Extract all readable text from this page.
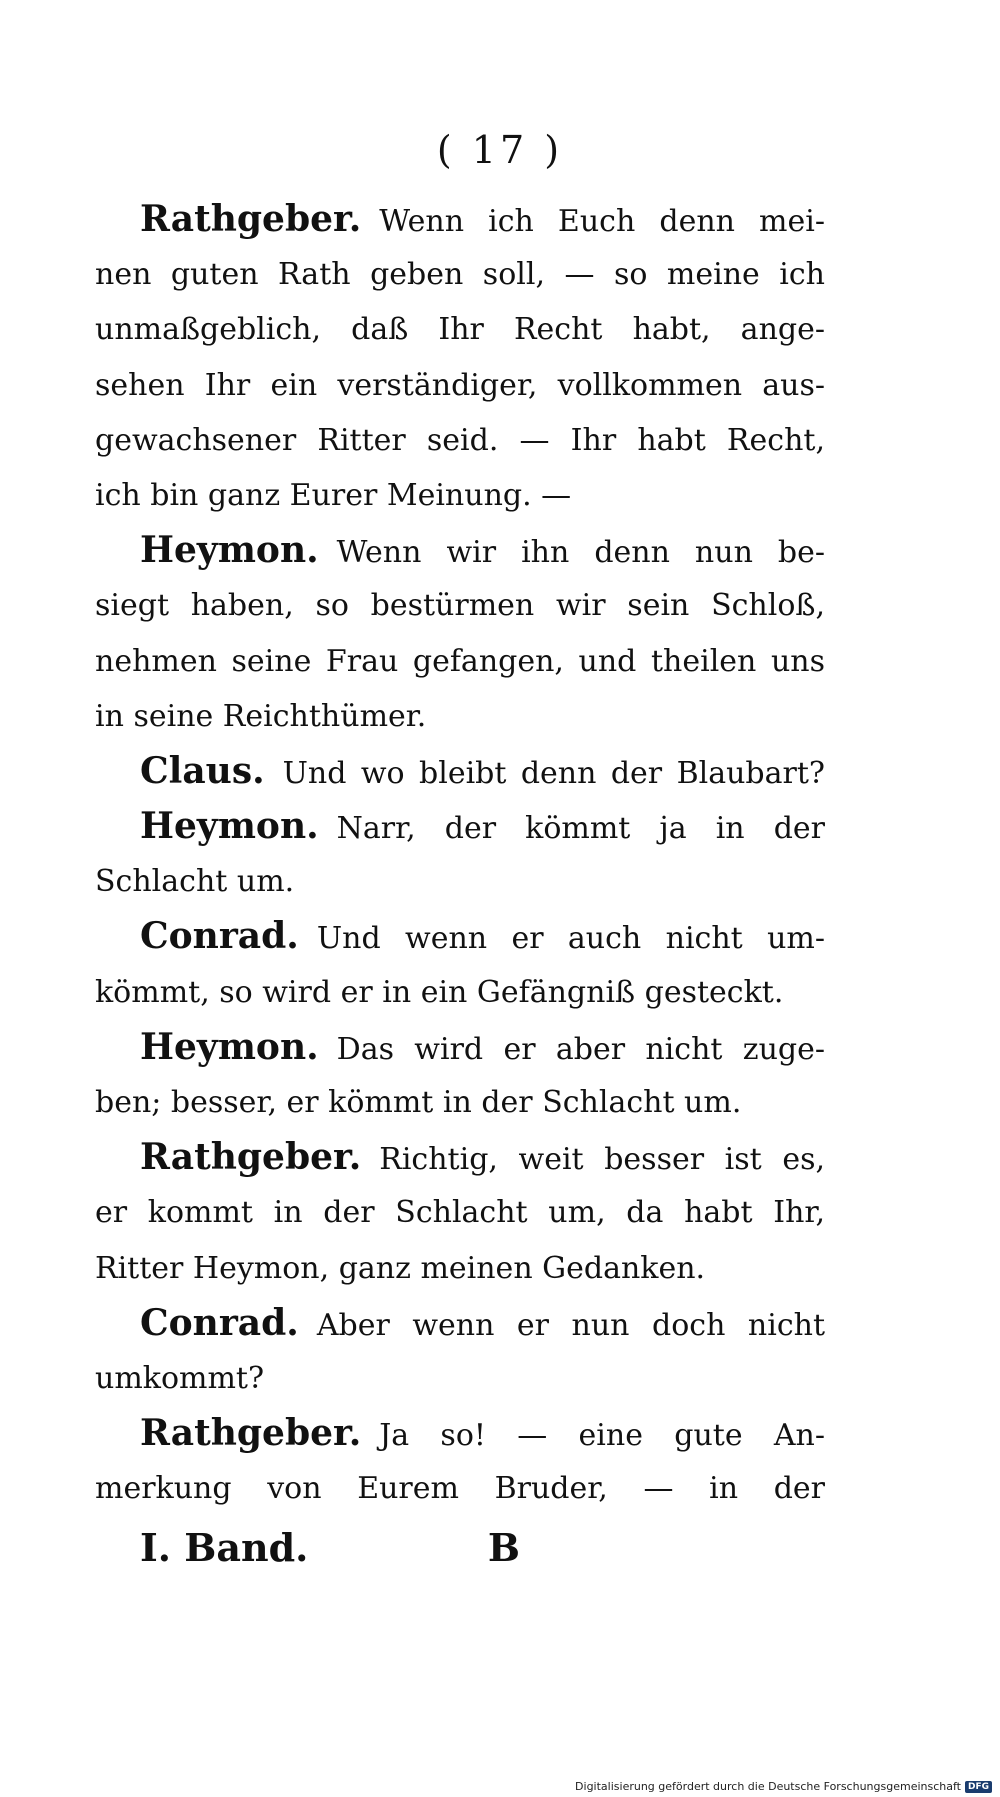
( 17 )
Rathgeber. Wenn ich Euch denn mei-
nen guten Rath geben soll, — so meine ich
unmaßgeblich, daß Ihr Recht habt, ange-
sehen Ihr ein verständiger, vollkommen aus-
gewachsener Ritter seid. — Ihr habt Recht,
ich bin ganz Eurer Meinung. —
Heymon. Wenn wir ihn denn nun be-
siegt haben, so bestürmen wir sein Schloß,
nehmen seine Frau gefangen, und theilen uns
in seine Reichthümer.
Claus. Und wo bleibt denn der Blaubart?
Heymon. Narr, der kömmt ja in der
Schlacht um.
Conrad. Und wenn er auch nicht um-
kömmt, so wird er in ein Gefängniß gesteckt.
Heymon. Das wird er aber nicht zuge-
ben; besser, er kömmt in der Schlacht um.
Rathgeber. Richtig, weit besser ist es,
er kommt in der Schlacht um, da habt Ihr,
Ritter Heymon, ganz meinen Gedanken.
Conrad. Aber wenn er nun doch nicht
umkommt?
Rathgeber. Ja so! — eine gute An-
merkung von Eurem Bruder, — in der
I. Band.	B
Digitalisierung gefördert durch die Deutsche Forschungsgemeinschaft DFG
